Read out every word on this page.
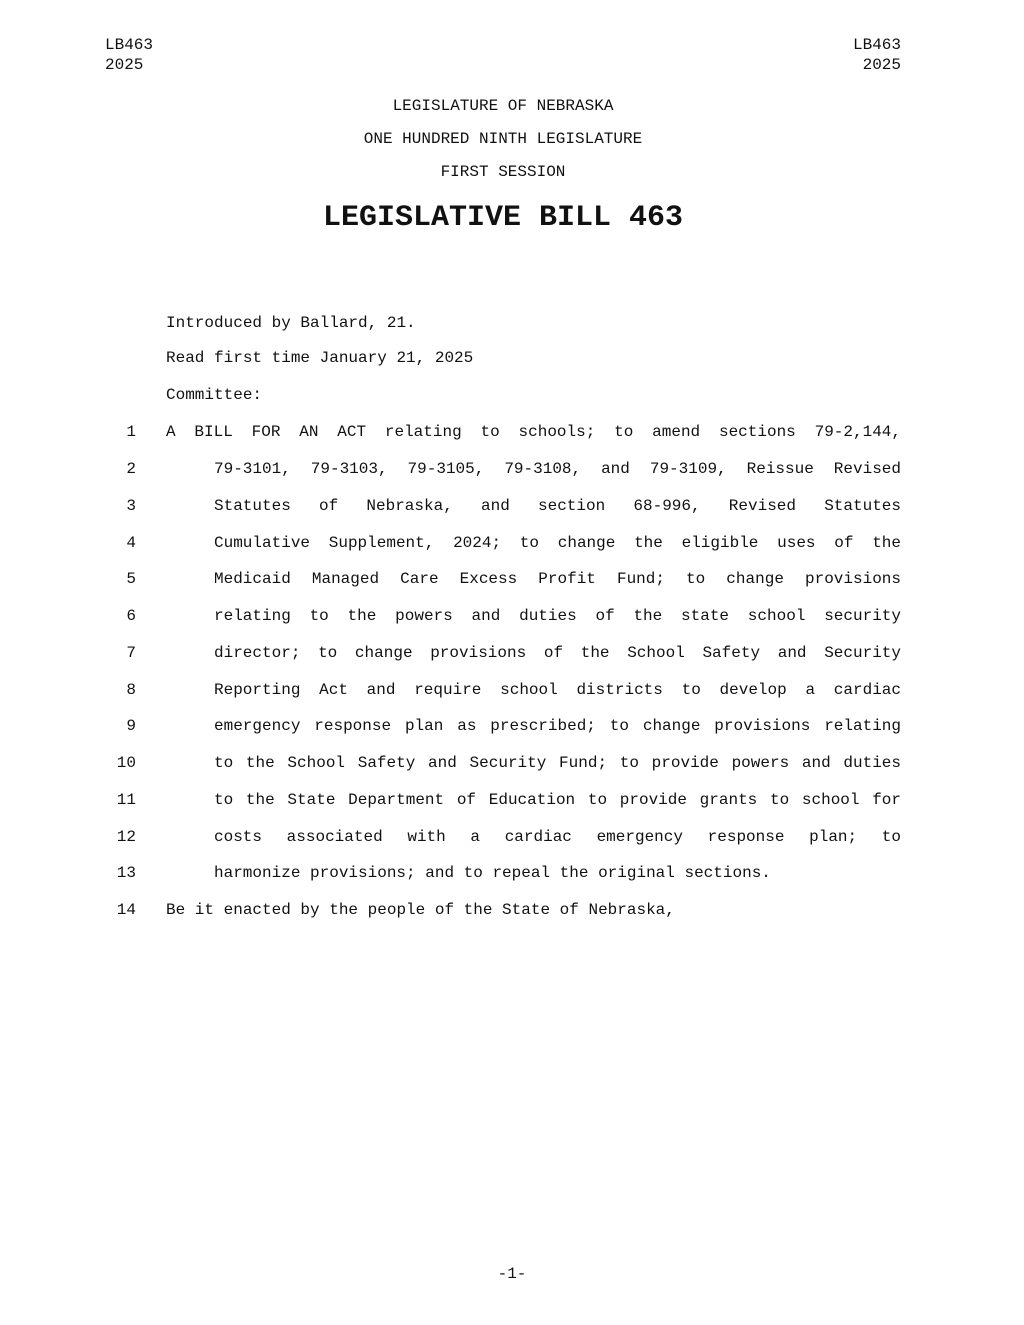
LB463
2025
LB463
2025
LEGISLATURE OF NEBRASKA
ONE HUNDRED NINTH LEGISLATURE
FIRST SESSION
LEGISLATIVE BILL 463
Introduced by Ballard, 21.
Read first time January 21, 2025
Committee:
1 A BILL FOR AN ACT relating to schools; to amend sections 79-2,144,
2	79-3101, 79-3103, 79-3105, 79-3108, and 79-3109, Reissue Revised
3	Statutes of Nebraska, and section 68-996, Revised Statutes
4	Cumulative Supplement, 2024; to change the eligible uses of the
5	Medicaid Managed Care Excess Profit Fund; to change provisions
6	relating to the powers and duties of the state school security
7	director; to change provisions of the School Safety and Security
8	Reporting Act and require school districts to develop a cardiac
9	emergency response plan as prescribed; to change provisions relating
10	to the School Safety and Security Fund; to provide powers and duties
11	to the State Department of Education to provide grants to school for
12	costs associated with a cardiac emergency response plan; to
13	harmonize provisions; and to repeal the original sections.
14 Be it enacted by the people of the State of Nebraska,
-1-
